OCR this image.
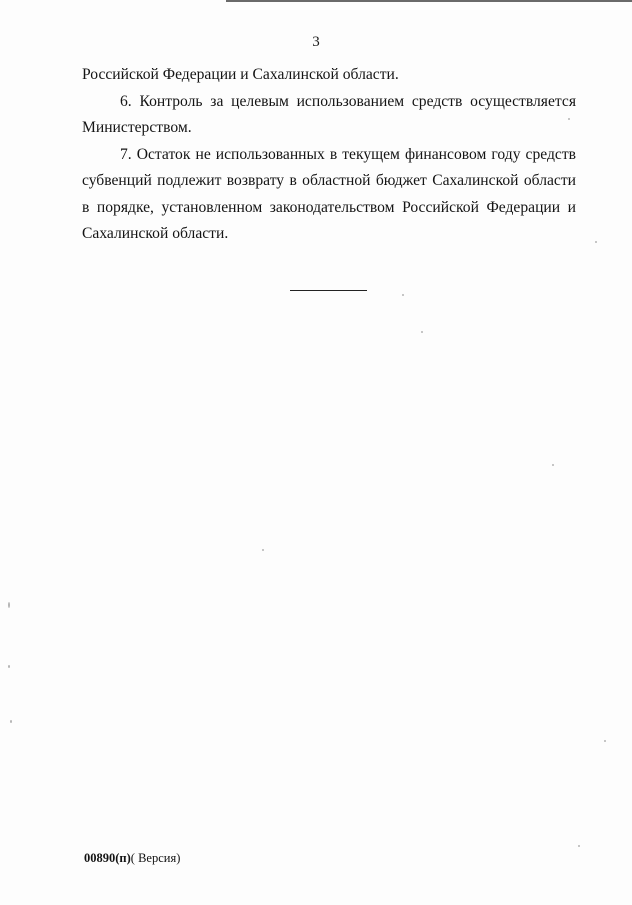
3

Российской Федерации и Сахалинской области.

6. Контроль за целевым использованием средств осуществляется Министерством.

7. Остаток не использованных в текущем финансовом году средств субвенций подлежит возврату в областной бюджет Сахалинской области в порядке, установленном законодательством Российской Федерации и Сахалинской области.

00890(п)( Версия)
